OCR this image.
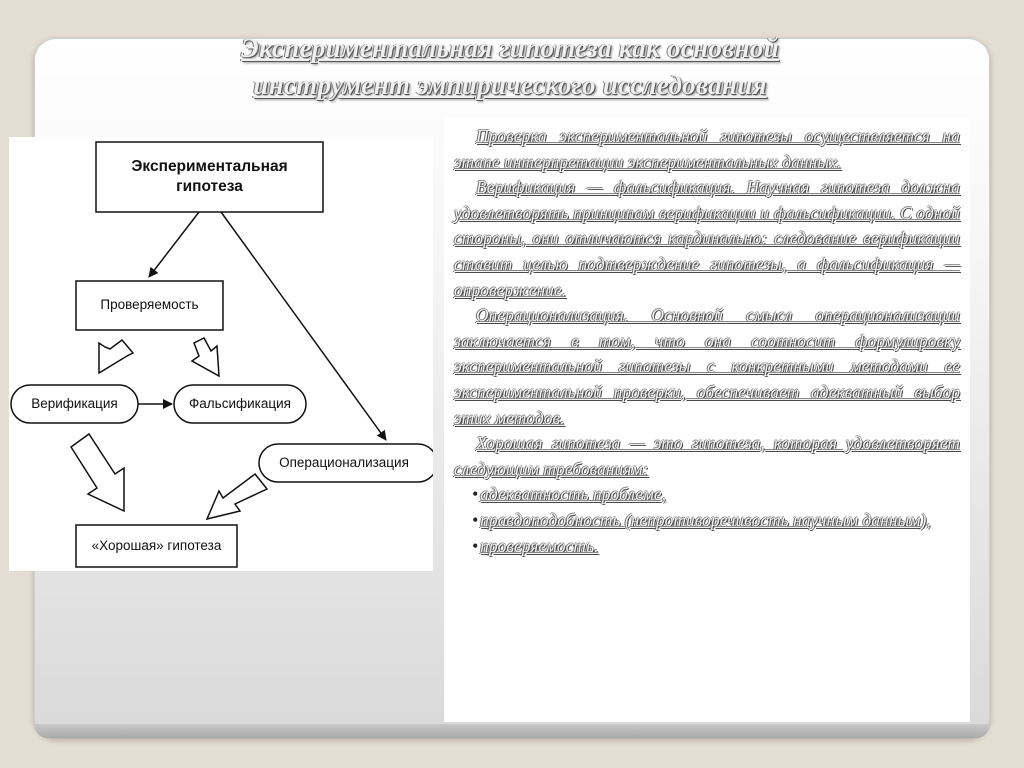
Экспериментальная гипотеза как основной
инструмент эмпирического исследования
Экспериментальная
гипотеза
Проверяемость
Верификация	Фальсификация
Операционализация
«Хорошая» гипотеза

Проверка экспериментальной гипотезы осуществляется на этапе интерпретации экспериментальных данных.

Верификация — фальсификация. Научная гипотеза должна удовлетворять принципам верификации и фальсификации. С одной стороны, они отличаются кардинально: следование верификации ставит целью подтверждение гипотезы, а фальсификация — опровержение.

Операционализация. Основной смысл операционализации заключается в том, что она соотносит формулировку экспериментальной гипотезы с конкретными методами ее экспериментальной проверки, обеспечивает адекватный выбор этих методов.

Хорошая гипотеза — это гипотеза, которая удовлетворяет следующим требованиям:

• адекватность проблеме,

• правдоподобность (непротиворечивость научным данным),

• проверяемость.
